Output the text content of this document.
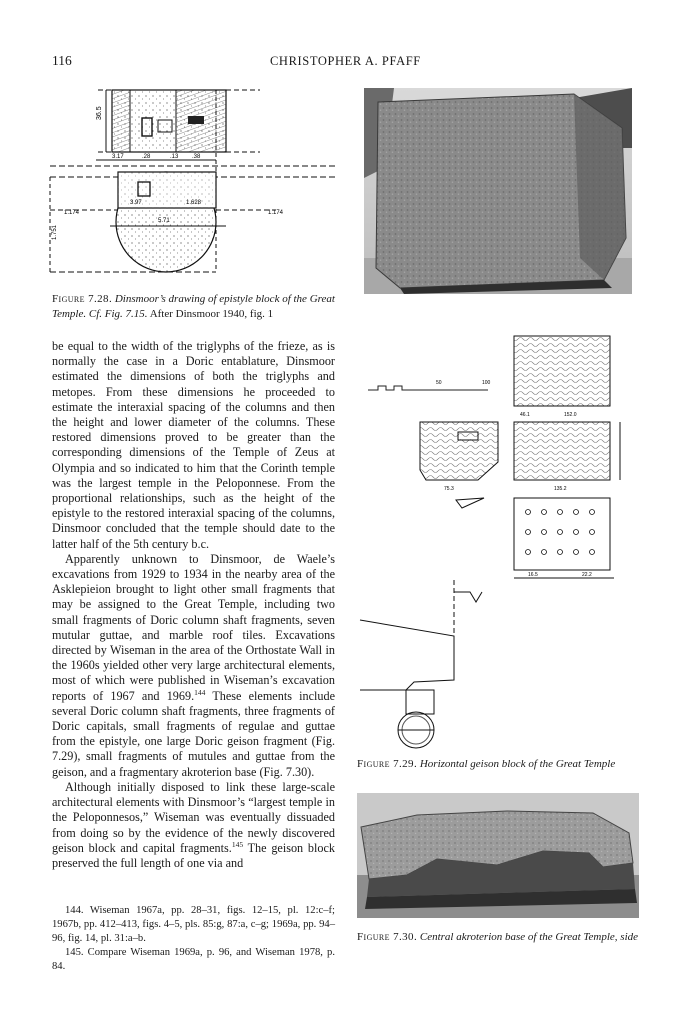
116	CHRISTOPHER A. PFAFF
36.5
3.17	.28	.13 .38
3.97	1.628
1.174
1.751
5.71
1.174
Figure 7.28. Dinsmoor’s drawing of epistyle block of the Great Temple. Cf. Fig. 7.15. After Dinsmoor 1940, fig. 1
50	100
46.1	152.0
75.3	135.2
16.5	22.2
Figure 7.29. Horizontal geison block of the Great Temple
Figure 7.30. Central akroterion base of the Great Temple, side

be equal to the width of the triglyphs of the frieze, as is normally the case in a Doric entablature, Dinsmoor estimated the dimensions of both the triglyphs and metopes. From these dimensions he proceeded to estimate the interaxial spacing of the columns and then the height and lower diameter of the columns. These restored dimensions proved to be greater than the corresponding dimensions of the Temple of Zeus at Olympia and so indicated to him that the Corinth temple was the largest temple in the Peloponnese. From the proportional relationships, such as the height of the epistyle to the restored interaxial spacing of the columns, Dinsmoor concluded that the temple should date to the latter half of the 5th century b.c.

Apparently unknown to Dinsmoor, de Waele’s excavations from 1929 to 1934 in the nearby area of the Asklepieion brought to light other small fragments that may be assigned to the Great Temple, including two small fragments of Doric column shaft fragments, seven mutular guttae, and marble roof tiles. Excavations directed by Wiseman in the area of the Orthostate Wall in the 1960s yielded other very large architectural elements, most of which were published in Wiseman’s excavation reports of 1967 and 1969.$^{144}$ These elements include several Doric column shaft fragments, three fragments of Doric capitals, small fragments of regulae and guttae from the epistyle, one large Doric geison fragment (Fig. 7.29), small fragments of mutules and guttae from the geison, and a fragmentary akroterion base (Fig. 7.30).

Although initially disposed to link these large-scale architectural elements with Dinsmoor’s “largest temple in the Peloponnesos,” Wiseman was eventually dissuaded from doing so by the evidence of the newly discovered geison block and capital fragments.$^{145}$ The geison block preserved the full length of one via and

144. Wiseman 1967a, pp. 28–31, figs. 12–15, pl. 12:c–f; 1967b, pp. 412–413, figs. 4–5, pls. 85:g, 87:a, c–g; 1969a, pp. 94–96, fig. 14, pl. 31:a–b.

145. Compare Wiseman 1969a, p. 96, and Wiseman 1978, p. 84.
